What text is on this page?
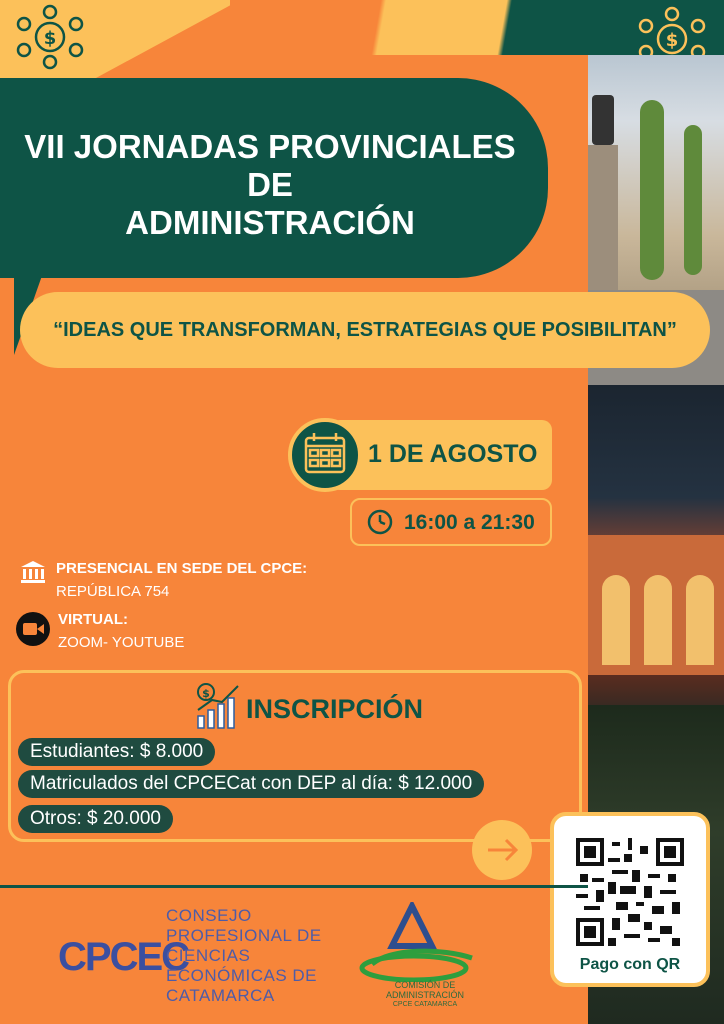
$	$
VII JORNADAS PROVINCIALES
DE
ADMINISTRACIÓN
“IDEAS QUE TRANSFORMAN, ESTRATEGIAS QUE POSIBILITAN”
1 DE AGOSTO
16:00 a 21:30
PRESENCIAL EN SEDE DEL CPCE:
REPÚBLICA 754
VIRTUAL:
ZOOM- YOUTUBE
$
INSCRIPCIÓN
Estudiantes: $ 8.000
Matriculados del CPCECat con DEP al día: $ 12.000
Otros: $ 20.000
Pago con QR
CPCEC
CONSEJO
PROFESIONAL DE
CIENCIAS
ECONÓMICAS DE
CATAMARCA
COMISIÓN DE
ADMINISTRACIÓN
CPCE CATAMARCA
